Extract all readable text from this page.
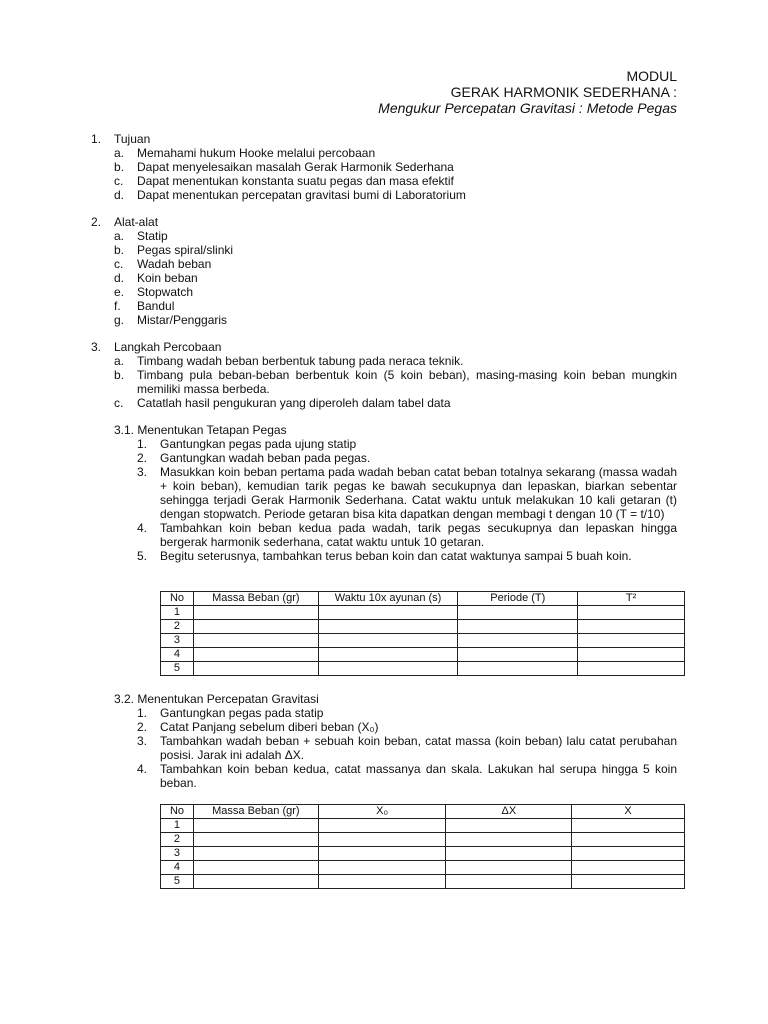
MODUL
GERAK HARMONIK SEDERHANA :
Mengukur Percepatan Gravitasi : Metode Pegas
1.	Tujuan
a.	Memahami hukum Hooke melalui percobaan
b.	Dapat menyelesaikan masalah Gerak Harmonik Sederhana
c.	Dapat menentukan konstanta suatu pegas dan masa efektif
d.	Dapat menentukan percepatan gravitasi bumi di Laboratorium
2.	Alat-alat
a.	Statip
b.	Pegas spiral/slinki
c.	Wadah beban
d.	Koin beban
e.	Stopwatch
f.	Bandul
g.	Mistar/Penggaris
3.	Langkah Percobaan
a.	Timbang wadah beban berbentuk tabung pada neraca teknik.
b.	Timbang pula beban-beban berbentuk koin (5 koin beban), masing-masing koin beban mungkin memiliki massa berbeda.
c.	Catatlah hasil pengukuran yang diperoleh dalam tabel data
3.1. Menentukan Tetapan Pegas
1.	Gantungkan pegas pada ujung statip
2.	Gantungkan wadah beban pada pegas.
3.	Masukkan koin beban pertama pada wadah beban catat beban totalnya sekarang (massa wadah + koin beban), kemudian tarik pegas ke bawah secukupnya dan lepaskan, biarkan sebentar sehingga terjadi Gerak Harmonik Sederhana. Catat waktu untuk melakukan 10 kali getaran (t) dengan stopwatch. Periode getaran bisa kita dapatkan dengan membagi t dengan 10 (T = t/10)
4.	Tambahkan koin beban kedua pada wadah, tarik pegas secukupnya dan lepaskan hingga bergerak harmonik sederhana, catat waktu untuk 10 getaran.
5.	Begitu seterusnya, tambahkan terus beban koin dan catat waktunya sampai 5 buah koin.
No	Massa Beban (gr)	Waktu 10x ayunan (s)	Periode (T)	T²
1				
2				
3				
4				
5				
3.2. Menentukan Percepatan Gravitasi
1.	Gantungkan pegas pada statip
2.	Catat Panjang sebelum diberi beban (X₀)
3.	Tambahkan wadah beban + sebuah koin beban, catat massa (koin beban) lalu catat perubahan posisi. Jarak ini adalah ΔX.
4.	Tambahkan koin beban kedua, catat massanya dan skala. Lakukan hal serupa hingga 5 koin beban.
No	Massa Beban (gr)	X₀	ΔX	X
1				
2				
3				
4				
5				
